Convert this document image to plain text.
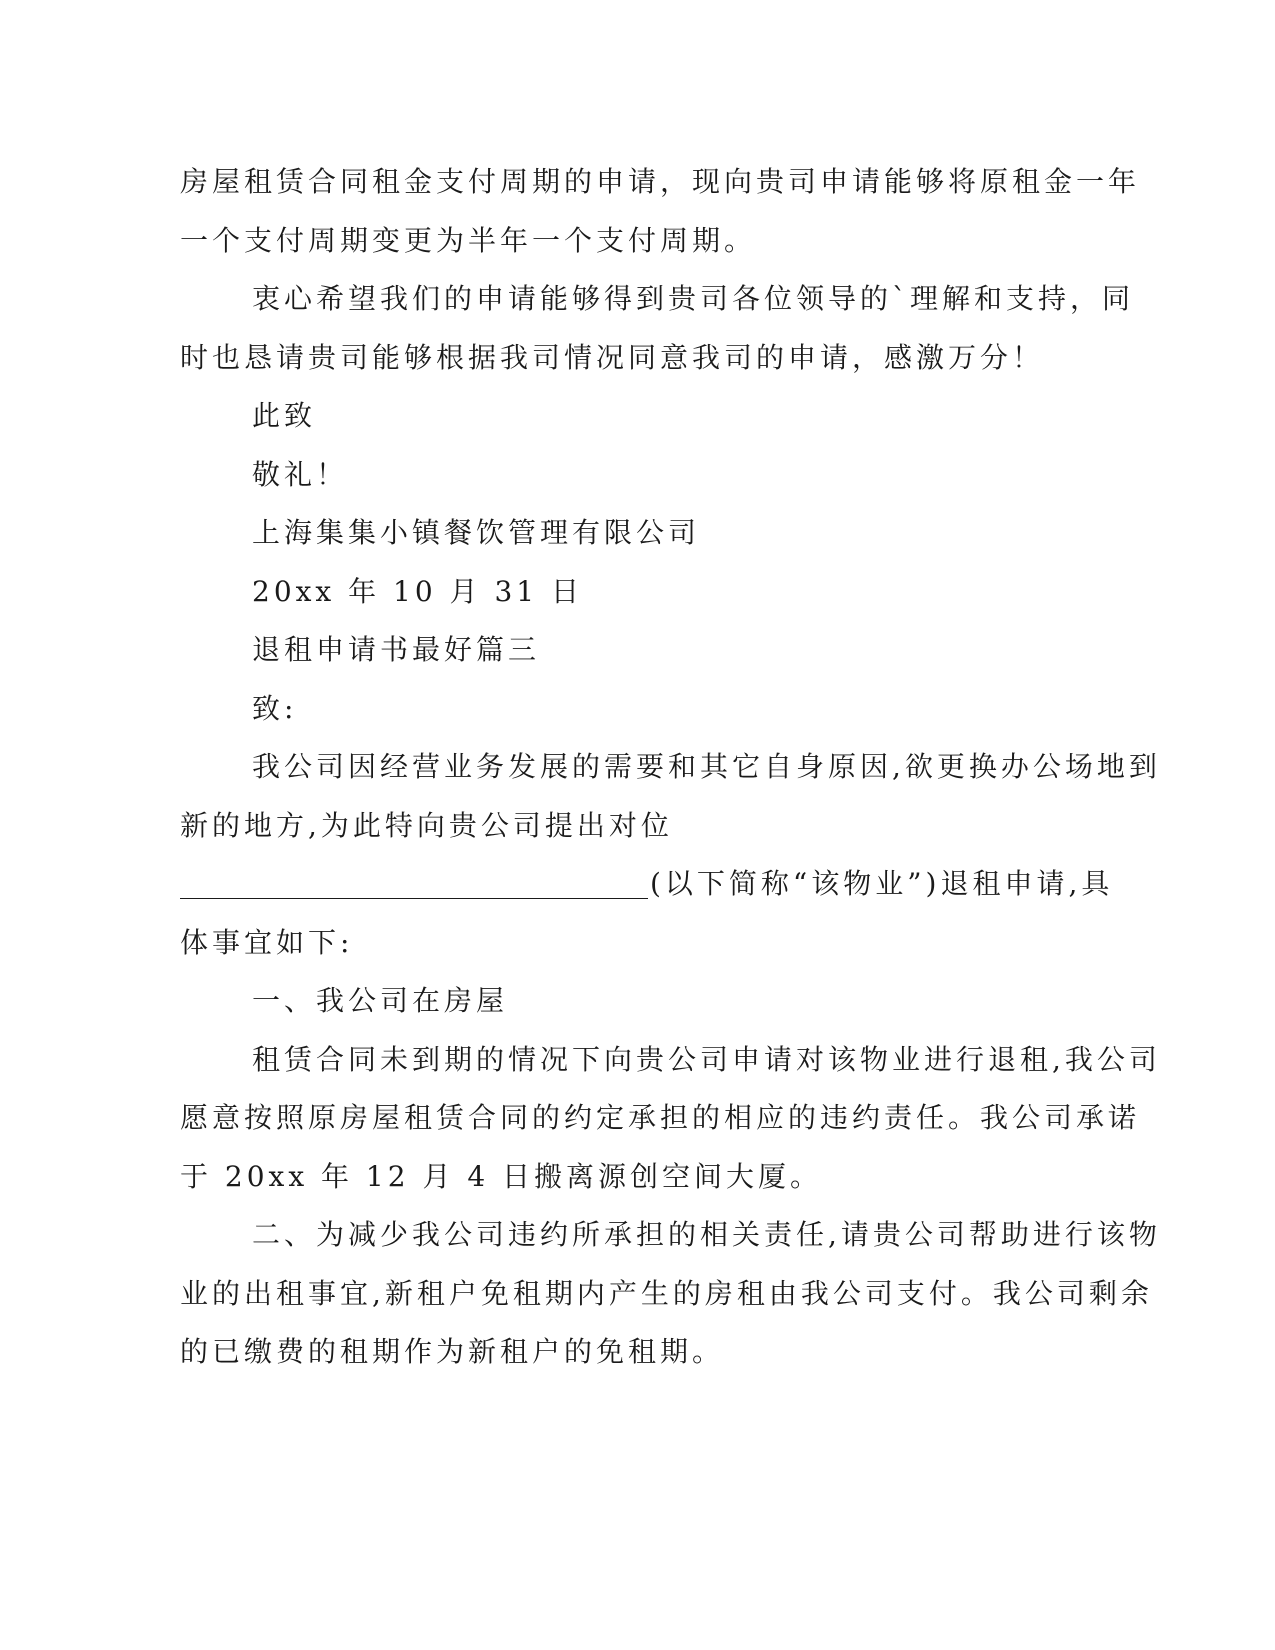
房屋租赁合同租金支付周期的申请，现向贵司申请能够将原租金一年
一个支付周期变更为半年一个支付周期。
衷心希望我们的申请能够得到贵司各位领导的`理解和支持，同
时也恳请贵司能够根据我司情况同意我司的申请，感激万分！
此致
敬礼！
上海集集小镇餐饮管理有限公司
20xx 年 10 月 31 日
退租申请书最好篇三
致:
我公司因经营业务发展的需要和其它自身原因,欲更换办公场地到
新的地方,为此特向贵公司提出对位
(以下简称“该物业”)退租申请,具
体事宜如下:
一、我公司在房屋
租赁合同未到期的情况下向贵公司申请对该物业进行退租,我公司
愿意按照原房屋租赁合同的约定承担的相应的违约责任。我公司承诺
于 20xx 年 12 月 4 日搬离源创空间大厦。
二、为减少我公司违约所承担的相关责任,请贵公司帮助进行该物
业的出租事宜,新租户免租期内产生的房租由我公司支付。我公司剩余
的已缴费的租期作为新租户的免租期。
